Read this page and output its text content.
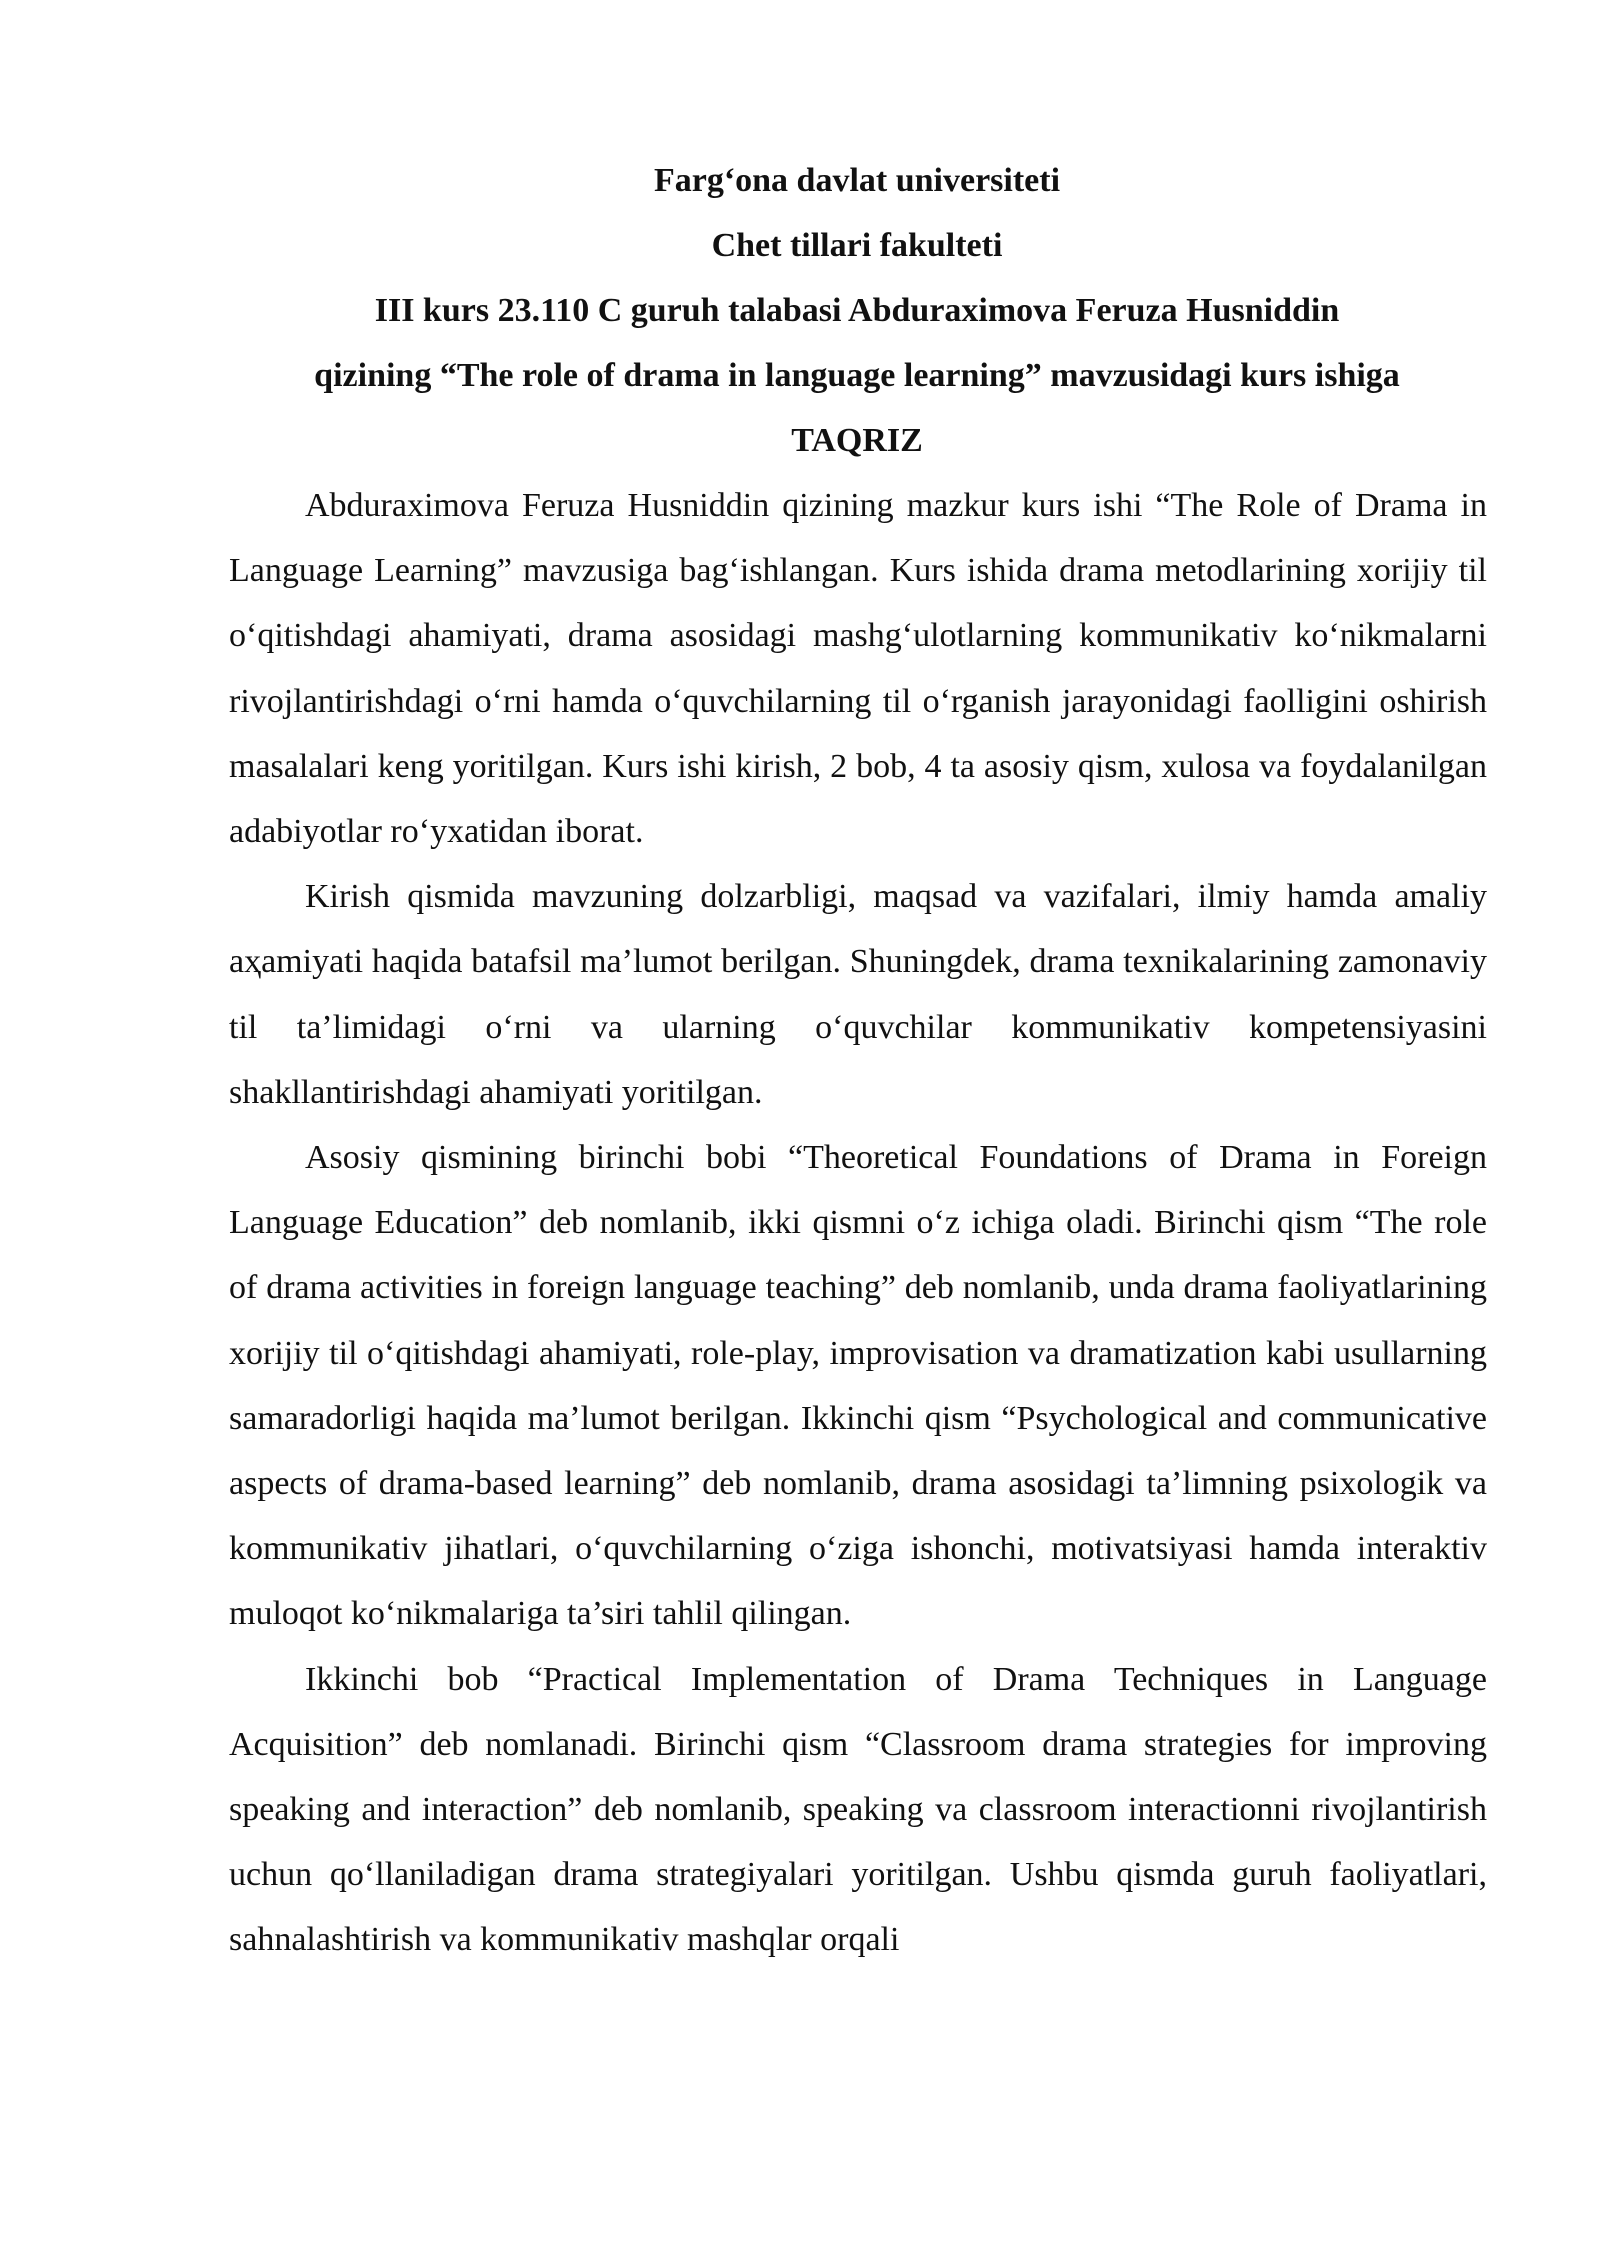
Farg‘ona davlat universiteti
Chet tillari fakulteti
III kurs 23.110 C guruh talabasi Abduraximova Feruza Husniddin
qizining “The role of drama in language learning” mavzusidagi kurs ishiga
TAQRIZ

Abduraximova Feruza Husniddin qizining mazkur kurs ishi “The Role of Drama in Language Learning” mavzusiga bag‘ishlangan. Kurs ishida drama metodlarining xorijiy til o‘qitishdagi ahamiyati, drama asosidagi mashg‘ulotlarning kommunikativ ko‘nikmalarni rivojlantirishdagi o‘rni hamda o‘quvchilarning til o‘rganish jarayonidagi faolligini oshirish masalalari keng yoritilgan. Kurs ishi kirish, 2 bob, 4 ta asosiy qism, xulosa va foydalanilgan adabiyotlar ro‘yxatidan iborat.

Kirish qismida mavzuning dolzarbligi, maqsad va vazifalari, ilmiy hamda amaliy aҳamiyati haqida batafsil ma’lumot berilgan. Shuningdek, drama texnikalarining zamonaviy til ta’limidagi o‘rni va ularning o‘quvchilar kommunikativ kompetensiyasini shakllantirishdagi ahamiyati yoritilgan.

Asosiy qismining birinchi bobi “Theoretical Foundations of Drama in Foreign Language Education” deb nomlanib, ikki qismni o‘z ichiga oladi. Birinchi qism “The role of drama activities in foreign language teaching” deb nomlanib, unda drama faoliyatlarining xorijiy til o‘qitishdagi ahamiyati, role-play, improvisation va dramatization kabi usullarning samaradorligi haqida ma’lumot berilgan. Ikkinchi qism “Psychological and communicative aspects of drama-based learning” deb nomlanib, drama asosidagi ta’limning psixologik va kommunikativ jihatlari, o‘quvchilarning o‘ziga ishonchi, motivatsiyasi hamda interaktiv muloqot ko‘nikmalariga ta’siri tahlil qilingan.

Ikkinchi bob “Practical Implementation of Drama Techniques in Language Acquisition” deb nomlanadi. Birinchi qism “Classroom drama strategies for improving speaking and interaction” deb nomlanib, speaking va classroom interactionni rivojlantirish uchun qo‘llaniladigan drama strategiyalari yoritilgan. Ushbu qismda guruh faoliyatlari, sahnalashtirish va kommunikativ mashqlar orqali
